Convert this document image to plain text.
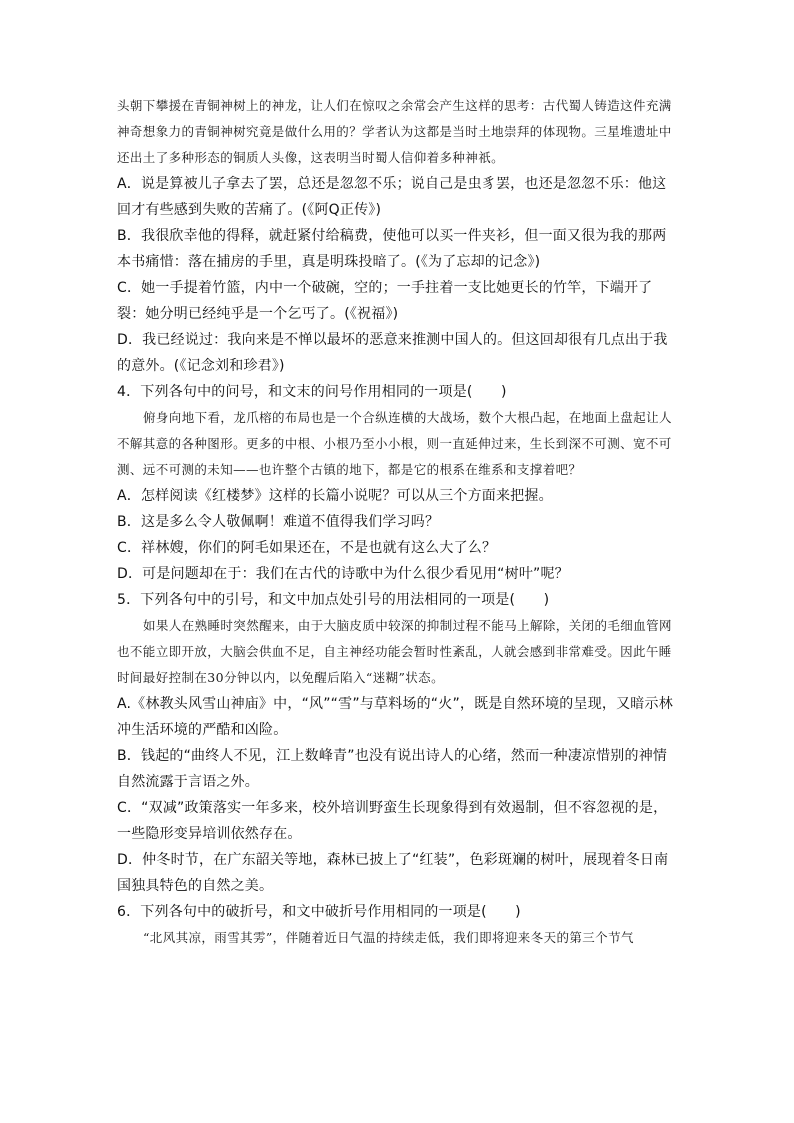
头朝下攀援在青铜神树上的神龙，让人们在惊叹之余常会产生这样的思考：古代蜀人铸造这件充满神奇想象力的青铜神树究竟是做什么用的？学者认为这都是当时土地崇拜的体现物。三星堆遗址中还出土了多种形态的铜质人头像，这表明当时蜀人信仰着多种神祇。

A．说是算被儿子拿去了罢，总还是忽忽不乐；说自己是虫豸罢，也还是忽忽不乐：他这回才有些感到失败的苦痛了。(《阿Q正传》)

B．我很欣幸他的得释，就赶紧付给稿费，使他可以买一件夹衫，但一面又很为我的那两本书痛惜：落在捕房的手里，真是明珠投暗了。(《为了忘却的记念》)

C．她一手提着竹篮，内中一个破碗，空的；一手拄着一支比她更长的竹竿，下端开了裂：她分明已经纯乎是一个乞丐了。(《祝福》)

D．我已经说过：我向来是不惮以最坏的恶意来推测中国人的。但这回却很有几点出于我的意外。(《记念刘和珍君》)

4．下列各句中的问号，和文末的问号作用相同的一项是(　　)

俯身向地下看，龙爪榕的布局也是一个合纵连横的大战场，数个大根凸起，在地面上盘起让人不解其意的各种图形。更多的中根、小根乃至小小根，则一直延伸过来，生长到深不可测、宽不可测、远不可测的未知——也许整个古镇的地下，都是它的根系在维系和支撑着吧？

A．怎样阅读《红楼梦》这样的长篇小说呢？可以从三个方面来把握。

B．这是多么令人敬佩啊！难道不值得我们学习吗？

C．祥林嫂，你们的阿毛如果还在，不是也就有这么大了么？

D．可是问题却在于：我们在古代的诗歌中为什么很少看见用“树叶”呢？

5．下列各句中的引号，和文中加点处引号的用法相同的一项是(　　)

如果人在熟睡时突然醒来，由于大脑皮质中较深的抑制过程不能马上解除，关闭的毛细血管网也不能立即开放，大脑会供血不足，自主神经功能会暂时性紊乱，人就会感到非常难受。因此午睡时间最好控制在30分钟以内，以免醒后陷入“迷糊”状态。

A.《林教头风雪山神庙》中，“风”“雪”与草料场的“火”，既是自然环境的呈现，又暗示林冲生活环境的严酷和凶险。

B．钱起的“曲终人不见，江上数峰青”也没有说出诗人的心绪，然而一种凄凉惜别的神情自然流露于言语之外。

C．“双减”政策落实一年多来，校外培训野蛮生长现象得到有效遏制，但不容忽视的是，一些隐形变异培训依然存在。

D．仲冬时节，在广东韶关等地，森林已披上了“红装”，色彩斑斓的树叶，展现着冬日南国独具特色的自然之美。

6．下列各句中的破折号，和文中破折号作用相同的一项是(　　)

“北风其凉，雨雪其雱”，伴随着近日气温的持续走低，我们即将迎来冬天的第三个节气
